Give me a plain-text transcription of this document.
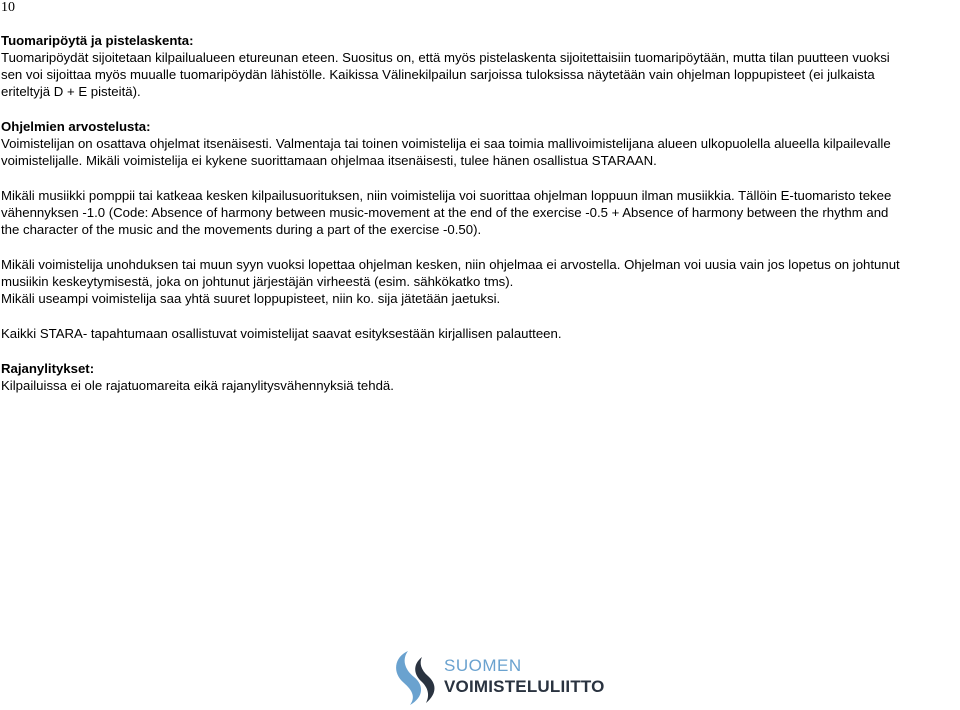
10
Tuomaripöytä ja pistelaskenta:

Tuomaripöydät sijoitetaan kilpailualueen etureunan eteen. Suositus on, että myös pistelaskenta sijoitettaisiin tuomaripöytään, mutta tilan puutteen vuoksi

sen voi sijoittaa myös muualle tuomaripöydän lähistölle. Kaikissa Välinekilpailun sarjoissa tuloksissa näytetään vain ohjelman loppupisteet (ei julkaista

eriteltyjä D + E pisteitä).

Ohjelmien arvostelusta:

Voimistelijan on osattava ohjelmat itsenäisesti. Valmentaja tai toinen voimistelija ei saa toimia mallivoimistelijana alueen ulkopuolella alueella kilpailevalle

voimistelijalle. Mikäli voimistelija ei kykene suorittamaan ohjelmaa itsenäisesti, tulee hänen osallistua STARAAN.

Mikäli musiikki pomppii tai katkeaa kesken kilpailusuorituksen, niin voimistelija voi suorittaa ohjelman loppuun ilman musiikkia. Tällöin E-tuomaristo tekee

vähennyksen -1.0 (Code: Absence of harmony between music-movement at the end of the exercise -0.5 + Absence of harmony between the rhythm and

the character of the music and the movements during a part of the exercise -0.50).

Mikäli voimistelija unohduksen tai muun syyn vuoksi lopettaa ohjelman kesken, niin ohjelmaa ei arvostella. Ohjelman voi uusia vain jos lopetus on johtunut

musiikin keskeytymisestä, joka on johtunut järjestäjän virheestä (esim. sähkökatko tms).

Mikäli useampi voimistelija saa yhtä suuret loppupisteet, niin ko. sija jätetään jaetuksi.

Kaikki STARA- tapahtumaan osallistuvat voimistelijat saavat esityksestään kirjallisen palautteen.

Rajanylitykset:

Kilpailuissa ei ole rajatuomareita eikä rajanylitysvähennyksiä tehdä.

SUOMEN
VOIMISTELULIITTO
